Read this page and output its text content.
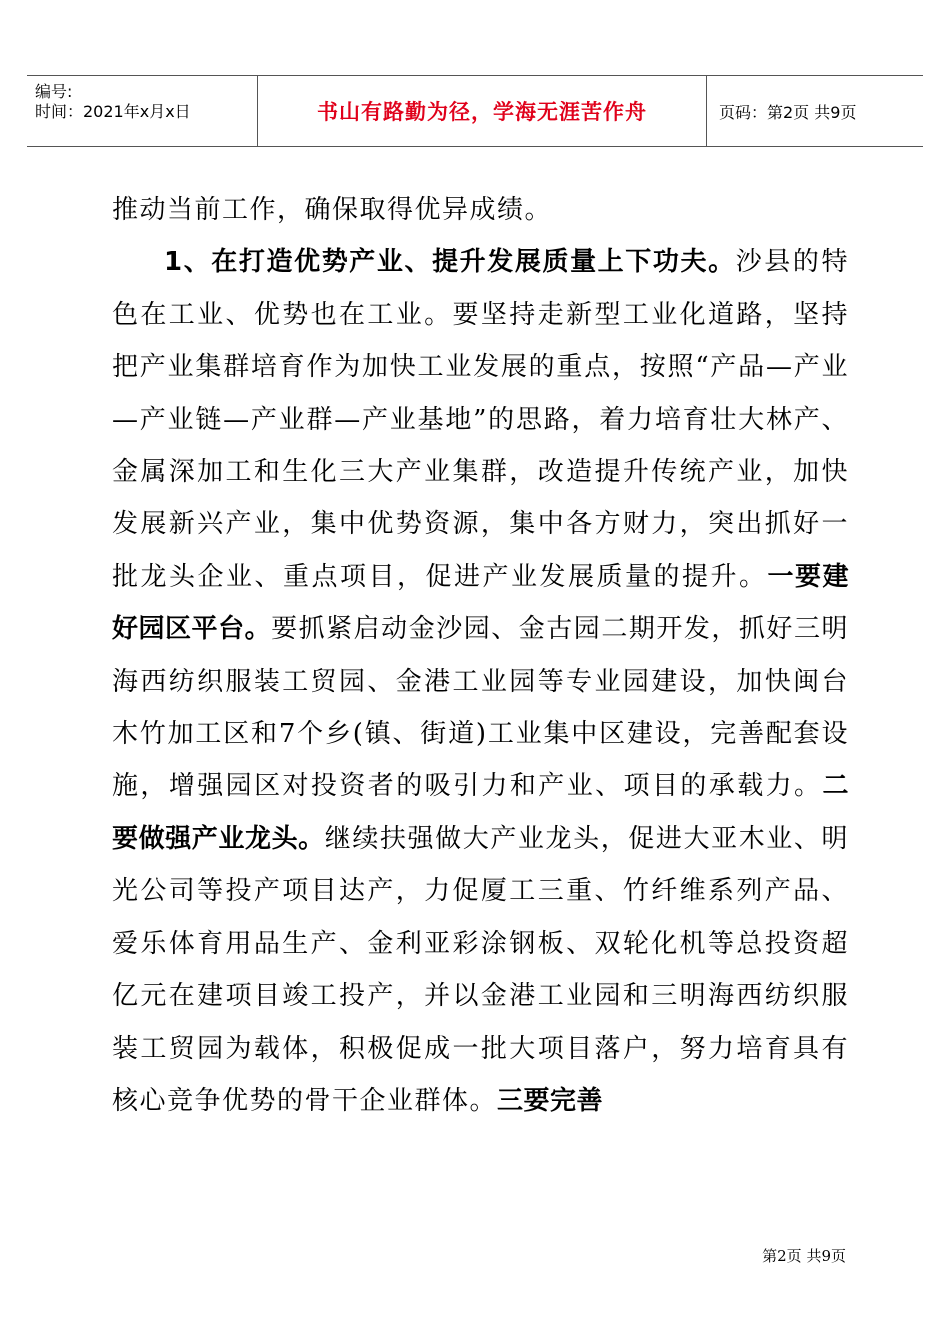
编号:
时间：2021年x月x日	书山有路勤为径，学海无涯苦作舟	页码：第2页 共9页

推动当前工作，确保取得优异成绩。

1、在打造优势产业、提升发展质量上下功夫。沙县的特色在工业、优势也在工业。要坚持走新型工业化道路，坚持把产业集群培育作为加快工业发展的重点，按照“产品—产业—产业链—产业群—产业基地”的思路，着力培育壮大林产、金属深加工和生化三大产业集群，改造提升传统产业，加快发展新兴产业，集中优势资源，集中各方财力，突出抓好一批龙头企业、重点项目，促进产业发展质量的提升。一要建好园区平台。要抓紧启动金沙园、金古园二期开发，抓好三明海西纺织服装工贸园、金港工业园等专业园建设，加快闽台木竹加工区和7个乡(镇、街道)工业集中区建设，完善配套设施，增强园区对投资者的吸引力和产业、项目的承载力。二要做强产业龙头。继续扶强做大产业龙头，促进大亚木业、明光公司等投产项目达产，力促厦工三重、竹纤维系列产品、爱乐体育用品生产、金利亚彩涂钢板、双轮化机等总投资超亿元在建项目竣工投产，并以金港工业园和三明海西纺织服装工贸园为载体，积极促成一批大项目落户，努力培育具有核心竞争优势的骨干企业群体。三要完善

第2页 共9页
